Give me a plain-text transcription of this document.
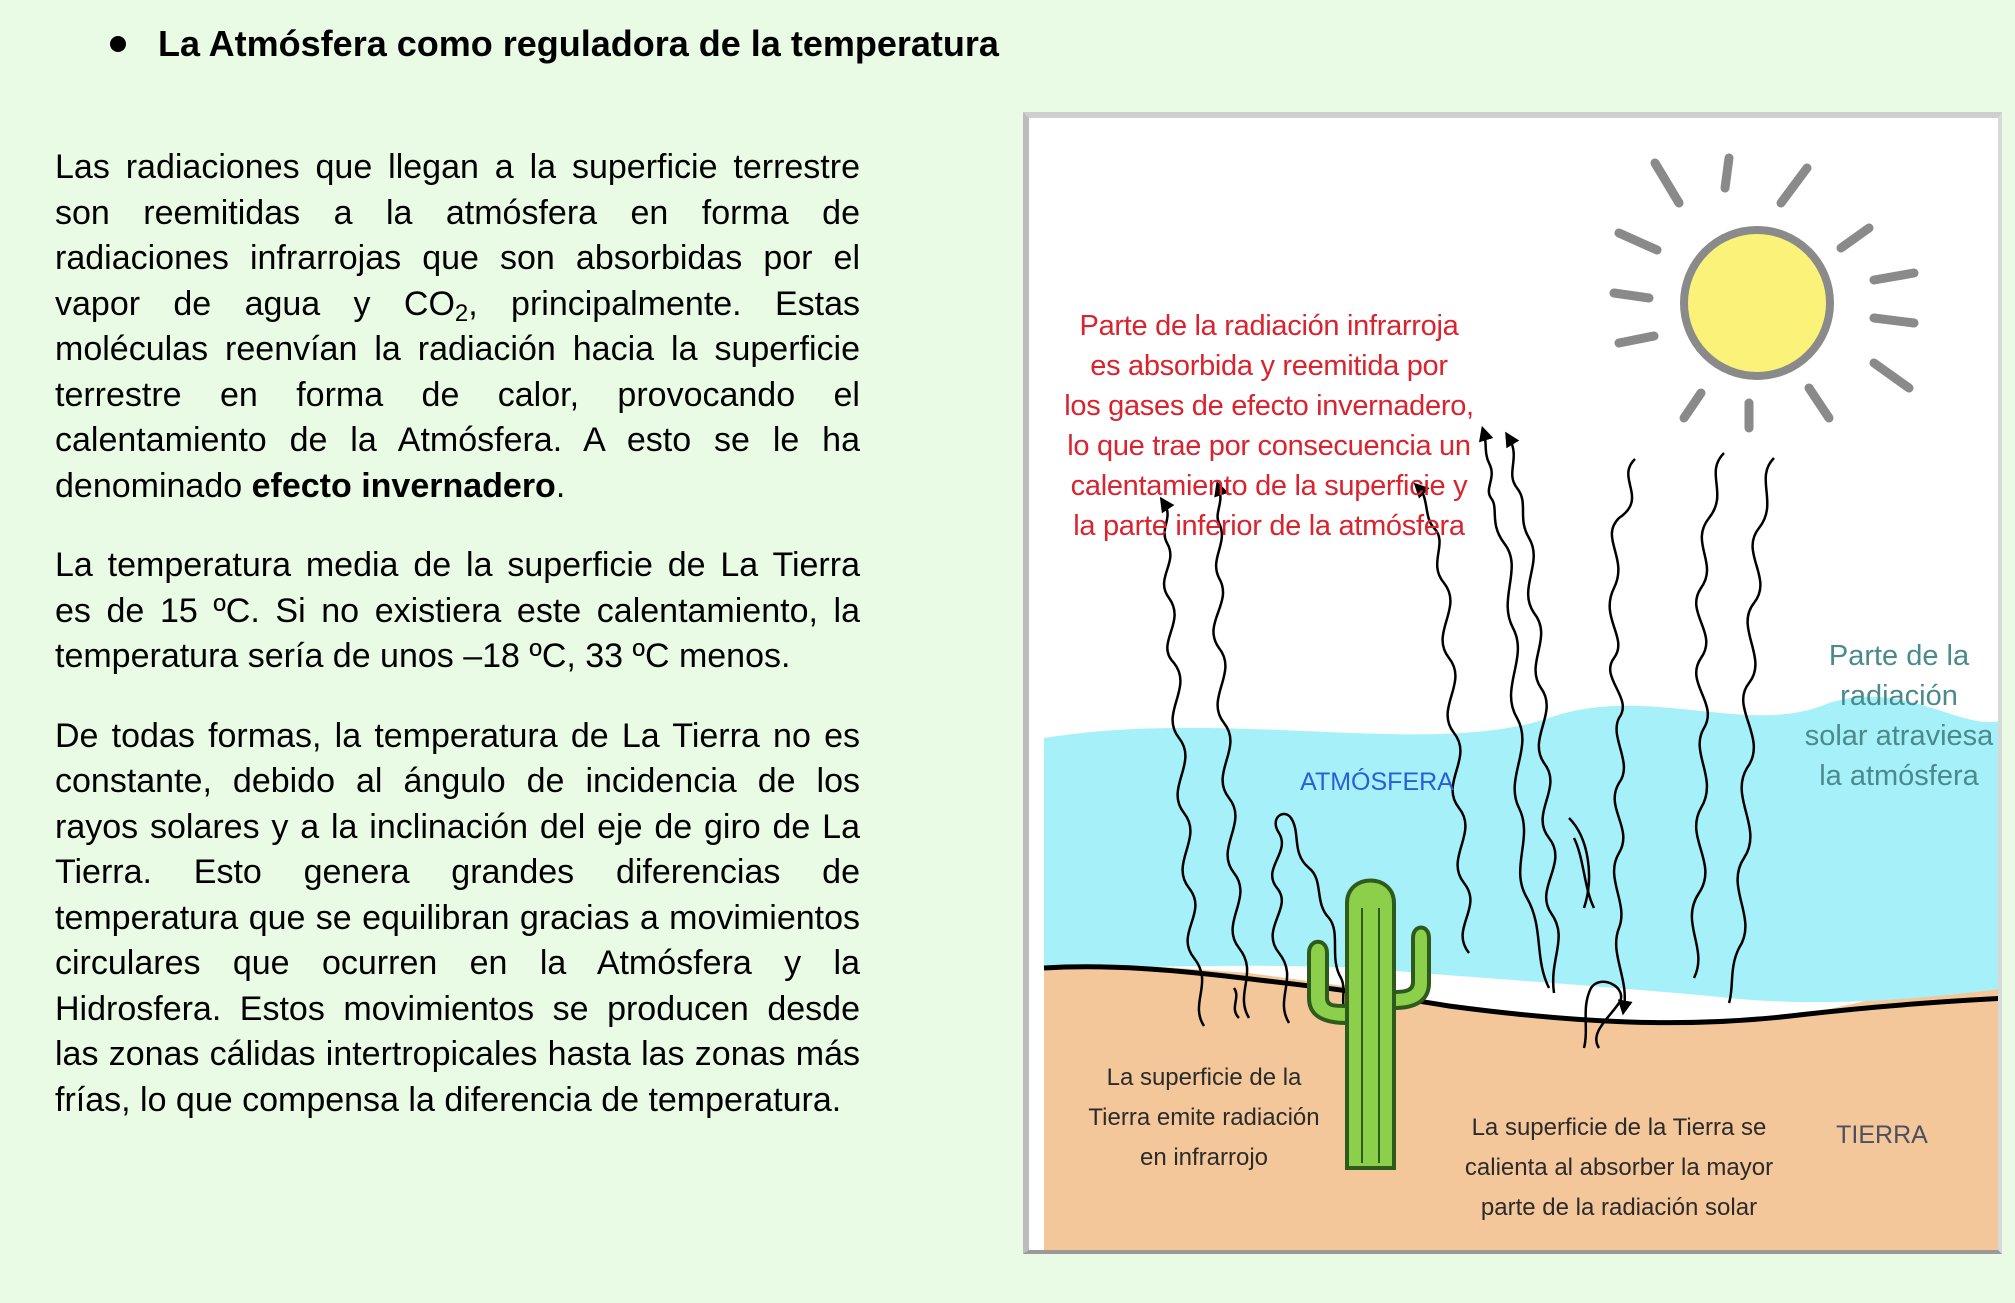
La Atmósfera como reguladora de la temperatura

Las radiaciones que llegan a la superficie terrestre son reemitidas a la atmósfera en forma de radiaciones infrarrojas que son absorbidas por el vapor de agua y $CO_2$, principalmente. Estas moléculas reenvían la radiación hacia la superficie terrestre en forma de calor, provocando el calentamiento de la Atmósfera. A esto se le ha denominado efecto invernadero.

La temperatura media de la superficie de La Tierra es de 15 ºC. Si no existiera este calentamiento, la temperatura sería de unos –18 ºC, 33 ºC menos.

De todas formas, la temperatura de La Tierra no es constante, debido al ángulo de incidencia de los rayos solares y a la inclinación del eje de giro de La Tierra. Esto genera grandes diferencias de temperatura que se equilibran gracias a movimientos circulares que ocurren en la Atmósfera y la Hidrosfera. Estos movimientos se producen desde las zonas cálidas intertropicales hasta las zonas más frías, lo que compensa la diferencia de temperatura.

Parte de la radiación infrarroja
es absorbida y reemitida por
los gases de efecto invernadero,
lo que trae por consecuencia un
calentamiento de la superficie y
la parte inferior de la atmósfera
Parte de la
radiación
solar atraviesa
la atmósfera
ATMÓSFERA
La superficie de la
Tierra emite radiación
en infrarrojo
La superficie de la Tierra se
calienta al absorber la mayor
parte de la radiación solar
TIERRA
